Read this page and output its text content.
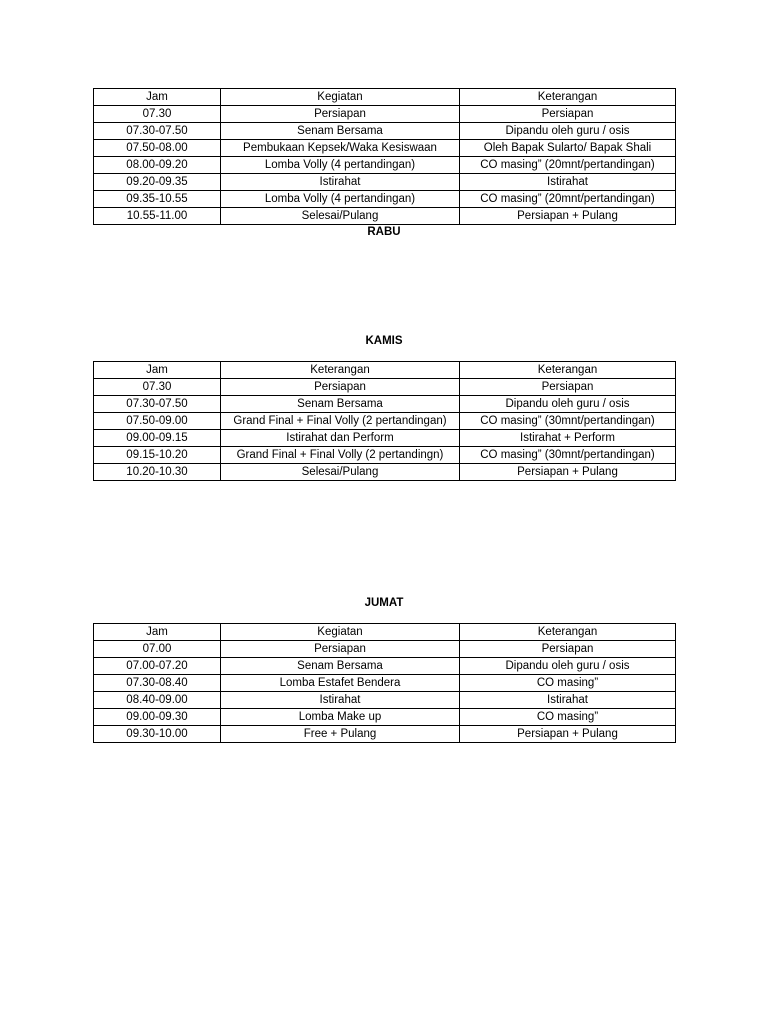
Jam	Kegiatan	Keterangan
07.30	Persiapan	Persiapan
07.30-07.50	Senam Bersama	Dipandu oleh guru / osis
07.50-08.00	Pembukaan Kepsek/Waka Kesiswaan	Oleh Bapak Sularto/ Bapak Shali
08.00-09.20	Lomba Volly (4 pertandingan)	CO masing” (20mnt/pertandingan)
09.20-09.35	Istirahat	Istirahat
09.35-10.55	Lomba Volly (4 pertandingan)	CO masing” (20mnt/pertandingan)
10.55-11.00	Selesai/Pulang	Persiapan + Pulang
RABU
KAMIS
Jam	Keterangan	Keterangan
07.30	Persiapan	Persiapan
07.30-07.50	Senam Bersama	Dipandu oleh guru / osis
07.50-09.00	Grand Final + Final Volly (2 pertandingan)	CO masing” (30mnt/pertandingan)
09.00-09.15	Istirahat dan Perform	Istirahat + Perform
09.15-10.20	Grand Final + Final Volly (2 pertandingn)	CO masing” (30mnt/pertandingan)
10.20-10.30	Selesai/Pulang	Persiapan + Pulang
JUMAT
Jam	Kegiatan	Keterangan
07.00	Persiapan	Persiapan
07.00-07.20	Senam Bersama	Dipandu oleh guru / osis
07.30-08.40	Lomba Estafet Bendera	CO masing”
08.40-09.00	Istirahat	Istirahat
09.00-09.30	Lomba Make up	CO masing”
09.30-10.00	Free + Pulang	Persiapan + Pulang
